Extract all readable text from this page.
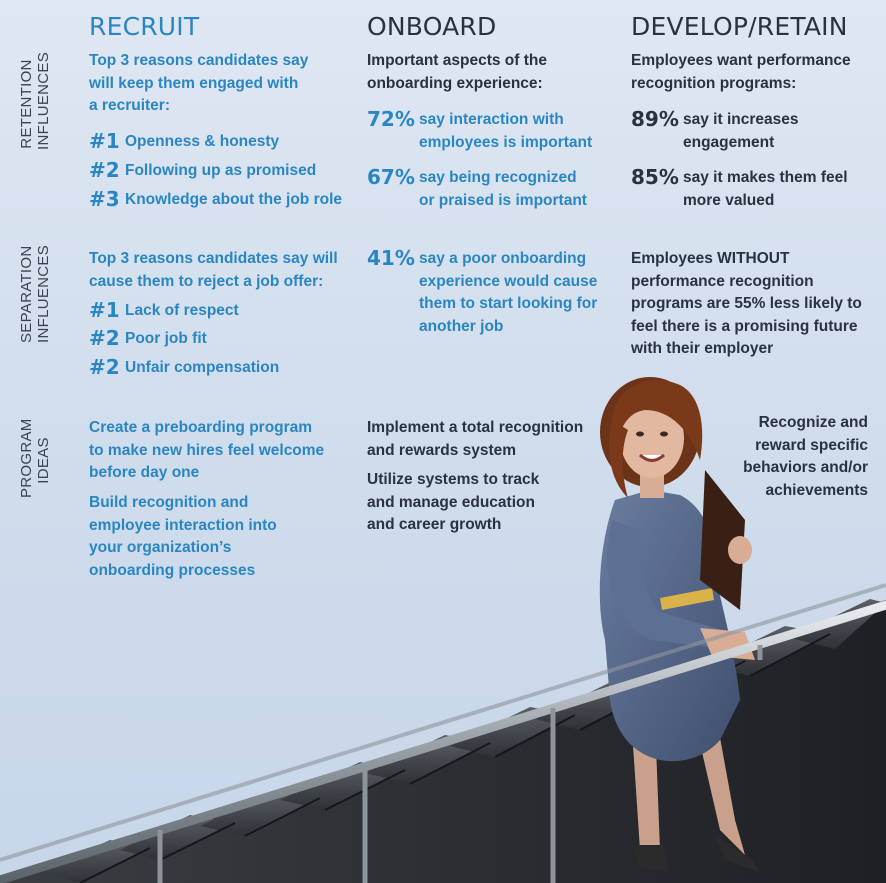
RETENTION INFLUENCES
SEPARATION INFLUENCES
PROGRAM IDEAS
RECRUIT	ONBOARD	DEVELOP/RETAIN
Top 3 reasons candidates say
will keep them engaged with
a recruiter:
#1 Openness & honesty
#2 Following up as promised
#3 Knowledge about the job role
Top 3 reasons candidates say will
cause them to reject a job offer:
#1 Lack of respect
#2 Poor job fit
#2 Unfair compensation
Create a preboarding program
to make new hires feel welcome
before day one
Build recognition and
employee interaction into
your organization’s
onboarding processes
Important aspects of the
onboarding experience:
72% say interaction with
employees is important
67% say being recognized
or praised is important
41% say a poor onboarding
experience would cause
them to start looking for
another job
Implement a total recognition
and rewards system
Utilize systems to track
and manage education
and career growth
Employees want performance
recognition programs:
89% say it increases
engagement
85% say it makes them feel
more valued
Employees WITHOUT
performance recognition
programs are 55% less likely to
feel there is a promising future
with their employer
Recognize and
reward specific
behaviors and/or
achievements
